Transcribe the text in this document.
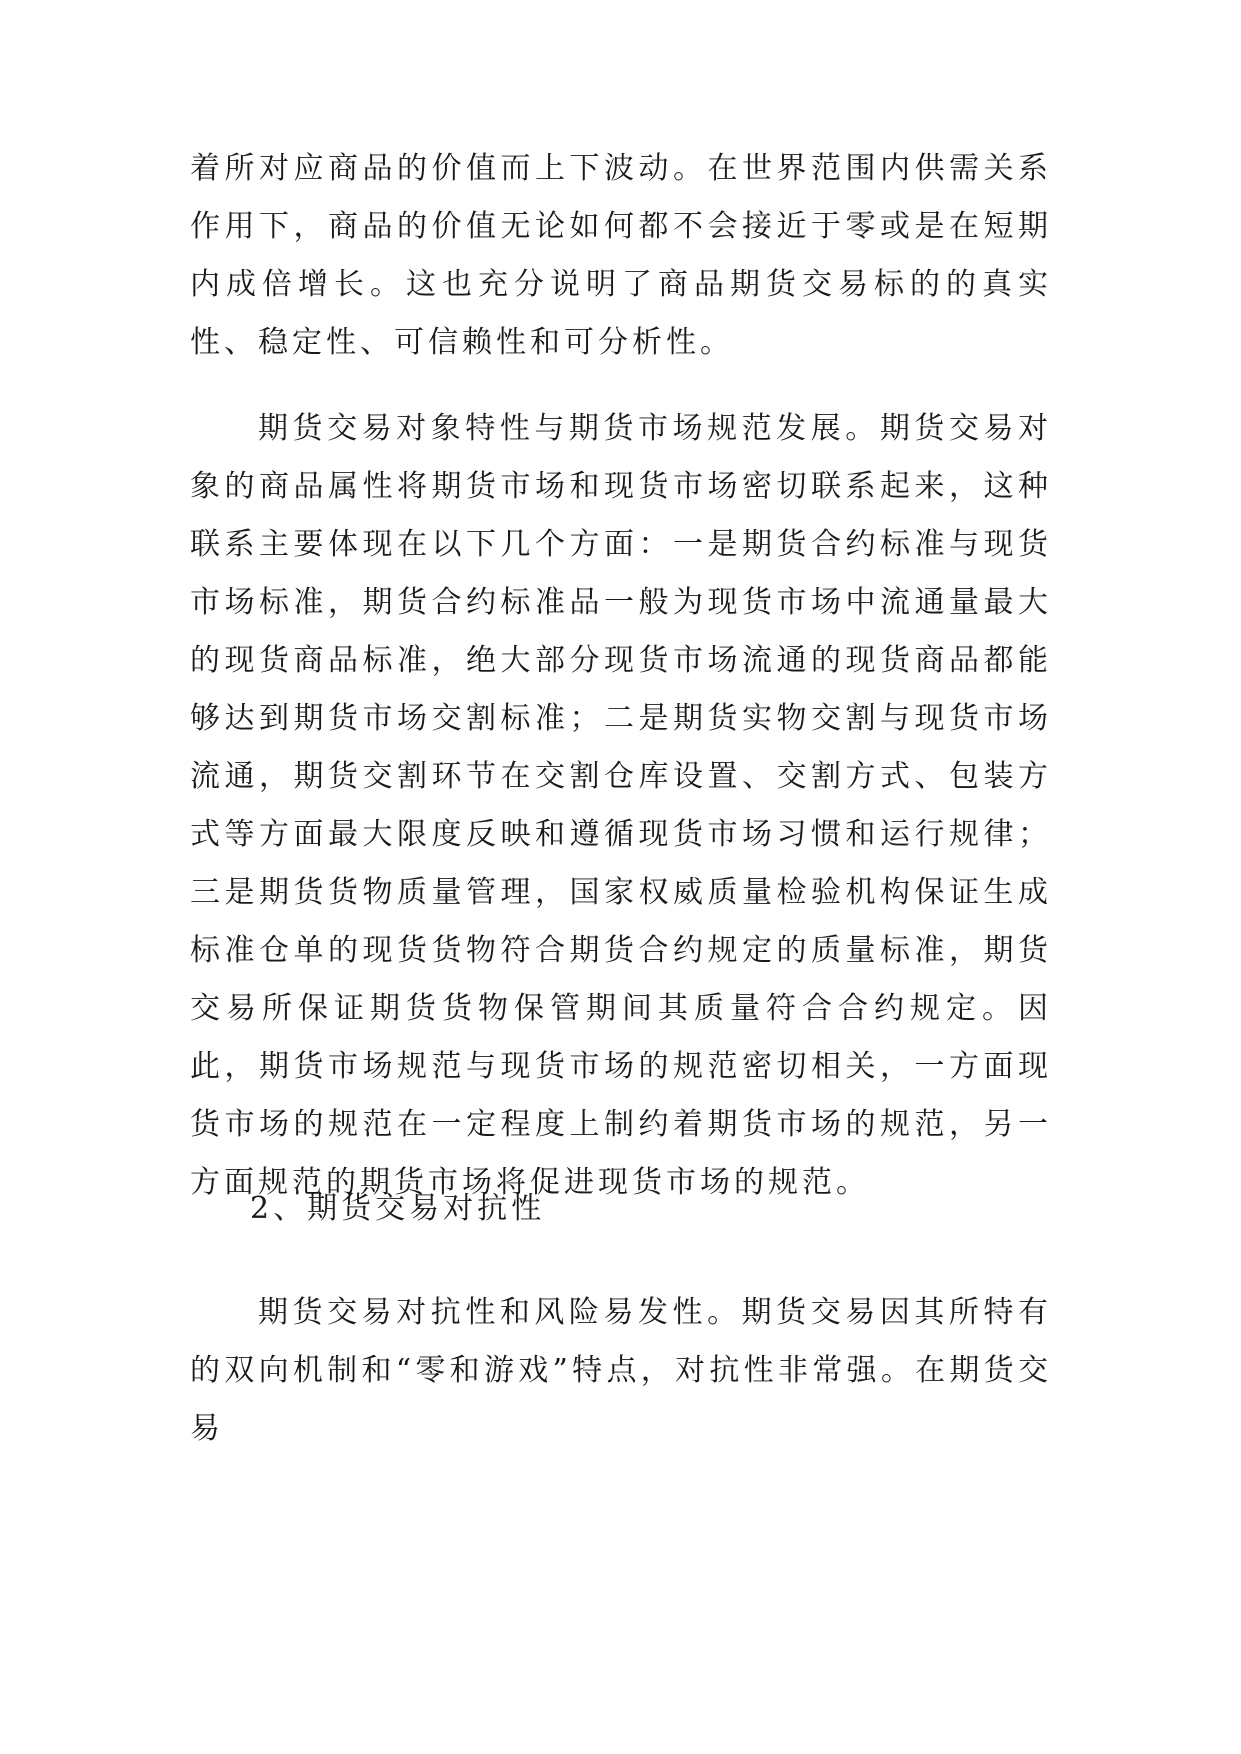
着所对应商品的价值而上下波动。在世界范围内供需关系作用下，商品的价值无论如何都不会接近于零或是在短期内成倍增长。这也充分说明了商品期货交易标的的真实性、稳定性、可信赖性和可分析性。

期货交易对象特性与期货市场规范发展。期货交易对象的商品属性将期货市场和现货市场密切联系起来，这种联系主要体现在以下几个方面：一是期货合约标准与现货市场标准，期货合约标准品一般为现货市场中流通量最大的现货商品标准，绝大部分现货市场流通的现货商品都能够达到期货市场交割标准；二是期货实物交割与现货市场流通，期货交割环节在交割仓库设置、交割方式、包装方式等方面最大限度反映和遵循现货市场习惯和运行规律；三是期货货物质量管理，国家权威质量检验机构保证生成标准仓单的现货货物符合期货合约规定的质量标准，期货交易所保证期货货物保管期间其质量符合合约规定。因此，期货市场规范与现货市场的规范密切相关，一方面现货市场的规范在一定程度上制约着期货市场的规范，另一方面规范的期货市场将促进现货市场的规范。

2、期货交易对抗性

期货交易对抗性和风险易发性。期货交易因其所特有的双向机制和“零和游戏”特点，对抗性非常强。在期货交易
